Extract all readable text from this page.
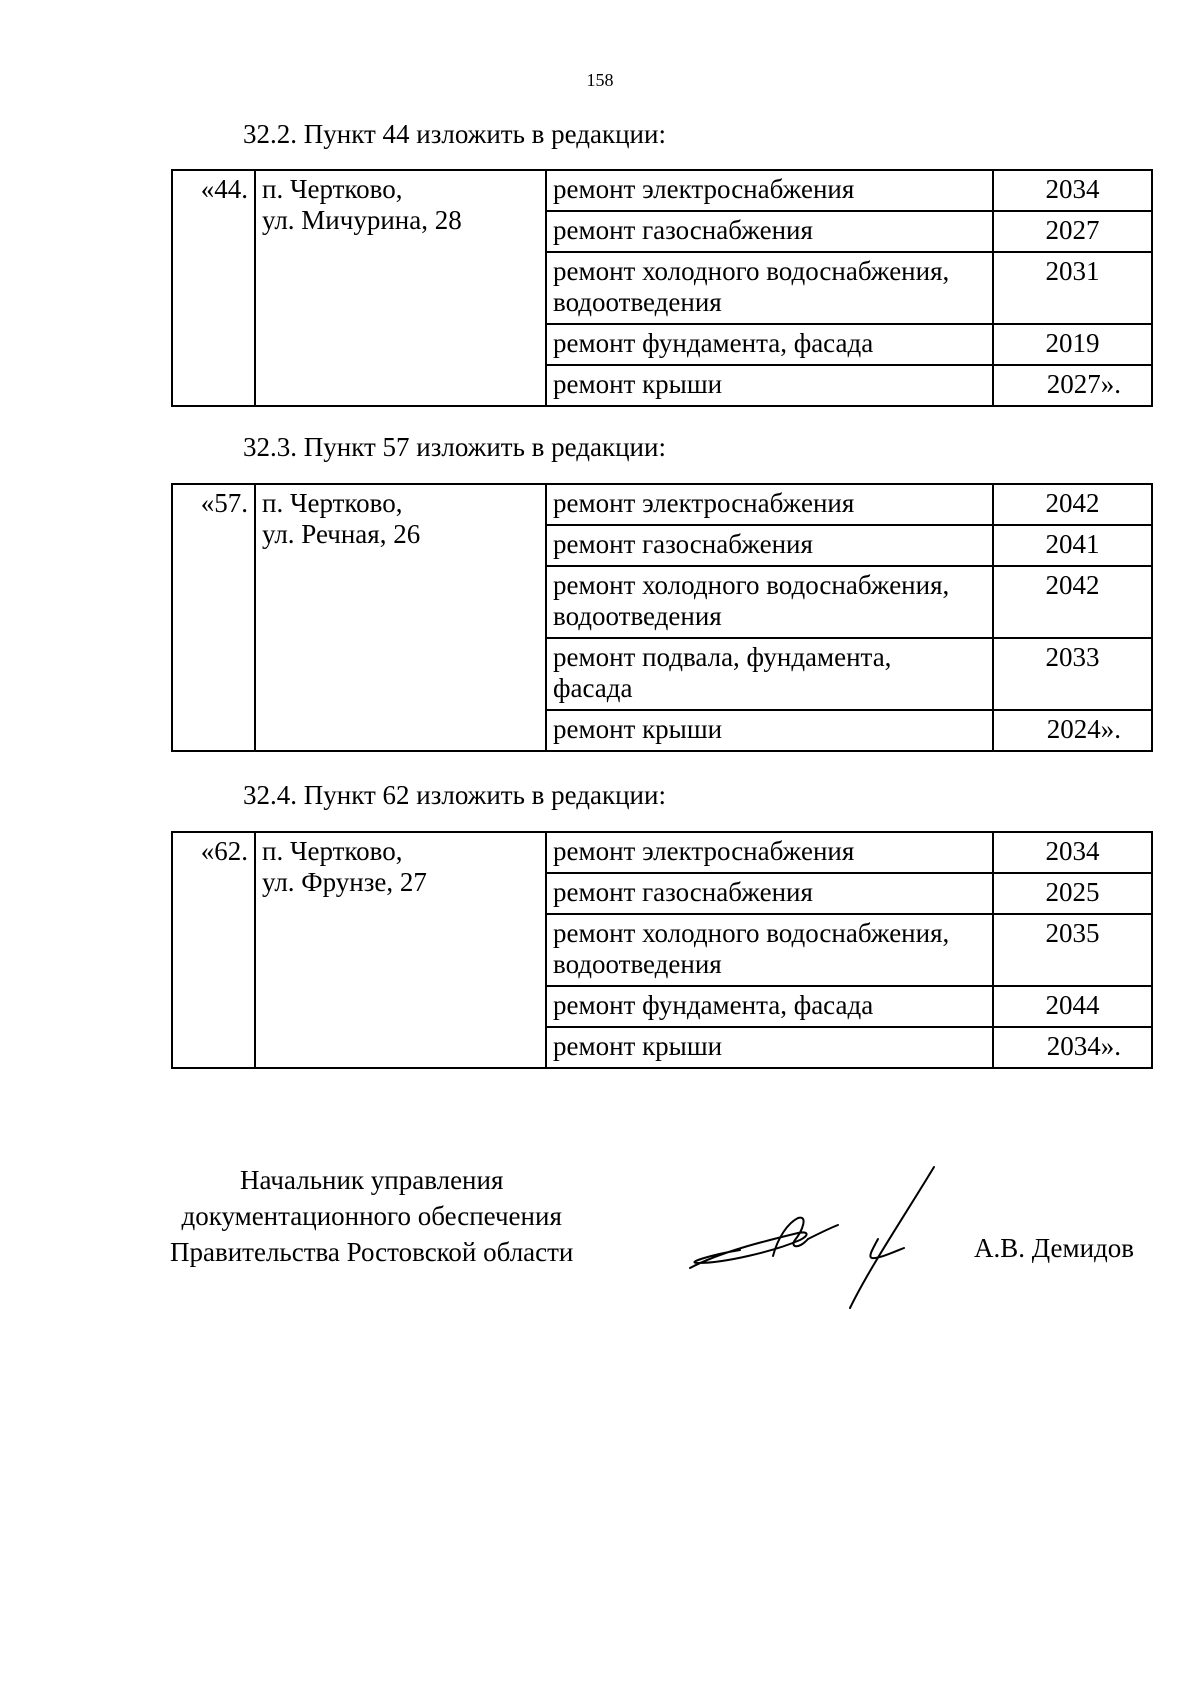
158
32.2. Пункт 44 изложить в редакции:
«44.	п. Чертково,
ул. Мичурина, 28	ремонт электроснабжения	2034

		ремонт газоснабжения	2027

		ремонт холодного водоснабжения,
водоотведения	2031

		ремонт фундамента, фасада	2019

		ремонт крыши	2027».
32.3. Пункт 57 изложить в редакции:
«57.	п. Чертково,
ул. Речная, 26	ремонт электроснабжения	2042

		ремонт газоснабжения	2041

		ремонт холодного водоснабжения,
водоотведения	2042

		ремонт подвала, фундамента,
фасада	2033

		ремонт крыши	2024».
32.4. Пункт 62 изложить в редакции:
«62.	п. Чертково,
ул. Фрунзе, 27	ремонт электроснабжения	2034

		ремонт газоснабжения	2025

		ремонт холодного водоснабжения,
водоотведения	2035

		ремонт фундамента, фасада	2044

		ремонт крыши	2034».
Начальник управления
документационного обеспечения
Правительства Ростовской области	А.В. Демидов
